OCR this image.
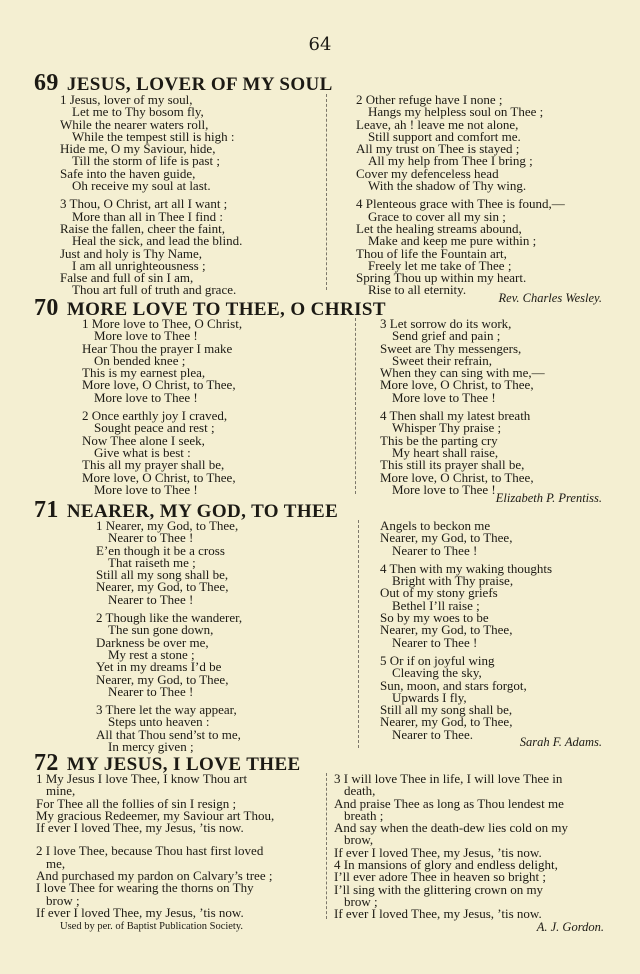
64
69 JESUS, LOVER OF MY SOUL
1 Jesus, lover of my soul,
Let me to Thy bosom fly,
While the nearer waters roll,
While the tempest still is high :
Hide me, O my Saviour, hide,
Till the storm of life is past ;
Safe into the haven guide,
Oh receive my soul at last.
3 Thou, O Christ, art all I want ;
More than all in Thee I find :
Raise the fallen, cheer the faint,
Heal the sick, and lead the blind.
Just and holy is Thy Name,
I am all unrighteousness ;
False and full of sin I am,
Thou art full of truth and grace.
2 Other refuge have I none ;
Hangs my helpless soul on Thee ;
Leave, ah ! leave me not alone,
Still support and comfort me.
All my trust on Thee is stayed ;
All my help from Thee I bring ;
Cover my defenceless head
With the shadow of Thy wing.
4 Plenteous grace with Thee is found,—
Grace to cover all my sin ;
Let the healing streams abound,
Make and keep me pure within ;
Thou of life the Fountain art,
Freely let me take of Thee ;
Spring Thou up within my heart.
Rise to all eternity.
Rev. Charles Wesley.
70 MORE LOVE TO THEE, O CHRIST
1 More love to Thee, O Christ,
More love to Thee !
Hear Thou the prayer I make
On bended knee ;
This is my earnest plea,
More love, O Christ, to Thee,
More love to Thee !
2 Once earthly joy I craved,
Sought peace and rest ;
Now Thee alone I seek,
Give what is best :
This all my prayer shall be,
More love, O Christ, to Thee,
More love to Thee !
3 Let sorrow do its work,
Send grief and pain ;
Sweet are Thy messengers,
Sweet their refrain,
When they can sing with me,—
More love, O Christ, to Thee,
More love to Thee !
4 Then shall my latest breath
Whisper Thy praise ;
This be the parting cry
My heart shall raise,
This still its prayer shall be,
More love, O Christ, to Thee,
More love to Thee !
Elizabeth P. Prentiss.
71 NEARER, MY GOD, TO THEE
1 Nearer, my God, to Thee,
Nearer to Thee !
E’en though it be a cross
That raiseth me ;
Still all my song shall be,
Nearer, my God, to Thee,
Nearer to Thee !
2 Though like the wanderer,
The sun gone down,
Darkness be over me,
My rest a stone ;
Yet in my dreams I’d be
Nearer, my God, to Thee,
Nearer to Thee !
3 There let the way appear,
Steps unto heaven :
All that Thou send’st to me,
In mercy given ;
Angels to beckon me
Nearer, my God, to Thee,
Nearer to Thee !
4 Then with my waking thoughts
Bright with Thy praise,
Out of my stony griefs
Bethel I’ll raise ;
So by my woes to be
Nearer, my God, to Thee,
Nearer to Thee !
5 Or if on joyful wing
Cleaving the sky,
Sun, moon, and stars forgot,
Upwards I fly,
Still all my song shall be,
Nearer, my God, to Thee,
Nearer to Thee.
Sarah F. Adams.
72 MY JESUS, I LOVE THEE
1 My Jesus I love Thee, I know Thou art
mine,
For Thee all the follies of sin I resign ;
My gracious Redeemer, my Saviour art Thou,
If ever I loved Thee, my Jesus, ’tis now.
2 I love Thee, because Thou hast first loved
me,
And purchased my pardon on Calvary’s tree ;
I love Thee for wearing the thorns on Thy
brow ;
If ever I loved Thee, my Jesus, ’tis now.
3 I will love Thee in life, I will love Thee in
death,
And praise Thee as long as Thou lendest me
breath ;
And say when the death-dew lies cold on my
brow,
If ever I loved Thee, my Jesus, ’tis now.
4 In mansions of glory and endless delight,
I’ll ever adore Thee in heaven so bright ;
I’ll sing with the glittering crown on my
brow ;
If ever I loved Thee, my Jesus, ’tis now.
A. J. Gordon.
Used by per. of Baptist Publication Society.
